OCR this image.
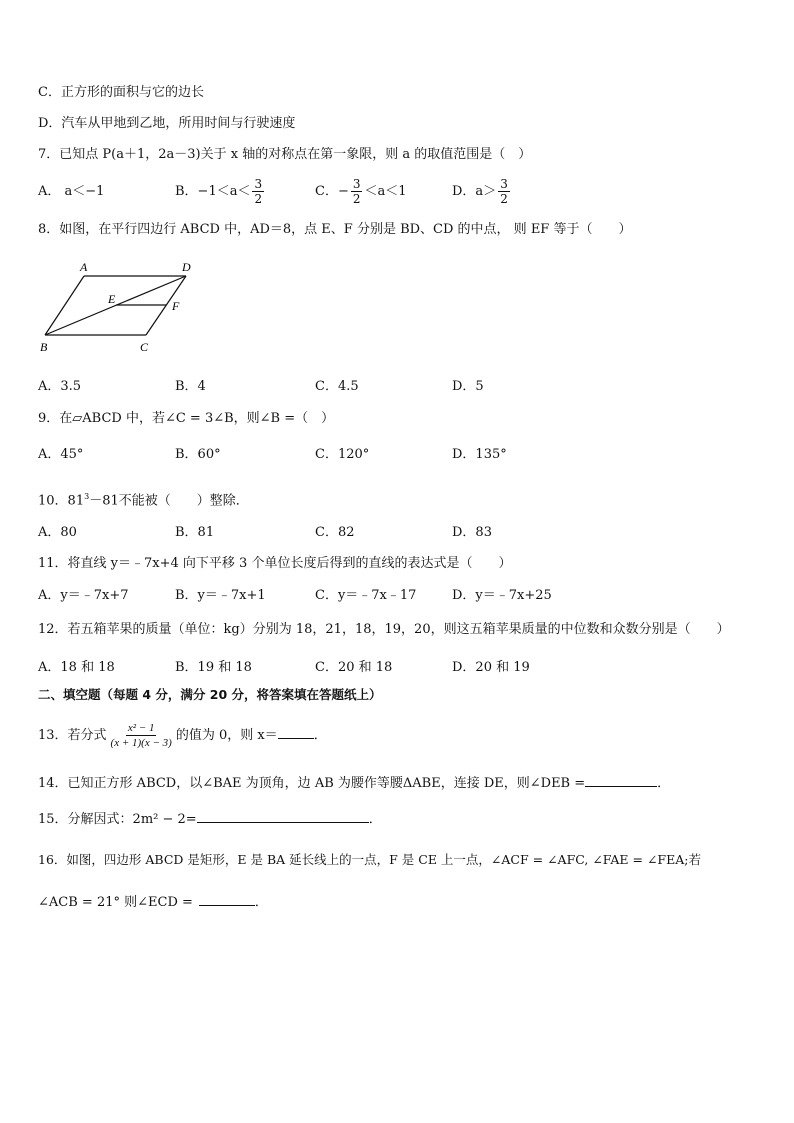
C．正方形的面积与它的边长
D．汽车从甲地到乙地，所用时间与行驶速度
7．已知点 P(a＋1，2a－3)关于 x 轴的对称点在第一象限，则 a 的取值范围是（　）
A． a＜−1	B．$-1<a< \frac{3}{2}$	C．− $\frac{3}{2} <a<1$	D．$a> \frac{3}{2}$
8．如图，在平行四边行 ABCD 中，AD＝8，点 E、F 分别是 BD、CD 的中点， 则 EF 等于（　　）
A	D
E	F
B	C
A．3.5	B．4	C．4.5	D．5
9．在▱ABCD 中，若∠C = 3∠B，则∠B =（　）
A．45°	B．60°	C．120°	D．135°
10．$81^3-81$不能被（　　）整除．
A．80	B．81	C．82	D．83
11．将直线 y＝﹣7x+4 向下平移 3 个单位长度后得到的直线的表达式是（　　）
A．y＝﹣7x+7	B．y＝﹣7x+1	C．y＝﹣7x﹣17	D．y＝﹣7x+25
12．若五箱苹果的质量（单位：kg）分别为 18，21，18，19，20，则这五箱苹果质量的中位数和众数分别是（　　）
A．18 和 18	B．19 和 18	C．20 和 18	D．20 和 19
二、填空题（每题 4 分，满分 20 分，将答案填在答题纸上）
13．若分式 $\frac{\text{x² − 1}}{(x + 1)(x - 3)}$ 的值为 0，则 x＝	．
14．已知正方形 ABCD，以∠BAE 为顶角，边 AB 为腰作等腰ΔABE，连接 DE，则∠DEB =	．
15．分解因式：2m² − 2=	．
16．如图，四边形 ABCD 是矩形，E 是 BA 延长线上的一点，F 是 CE 上一点，∠ACF = ∠AFC, ∠FAE = ∠FEA;若
∠ACB = 21° 则∠ECD =	．
